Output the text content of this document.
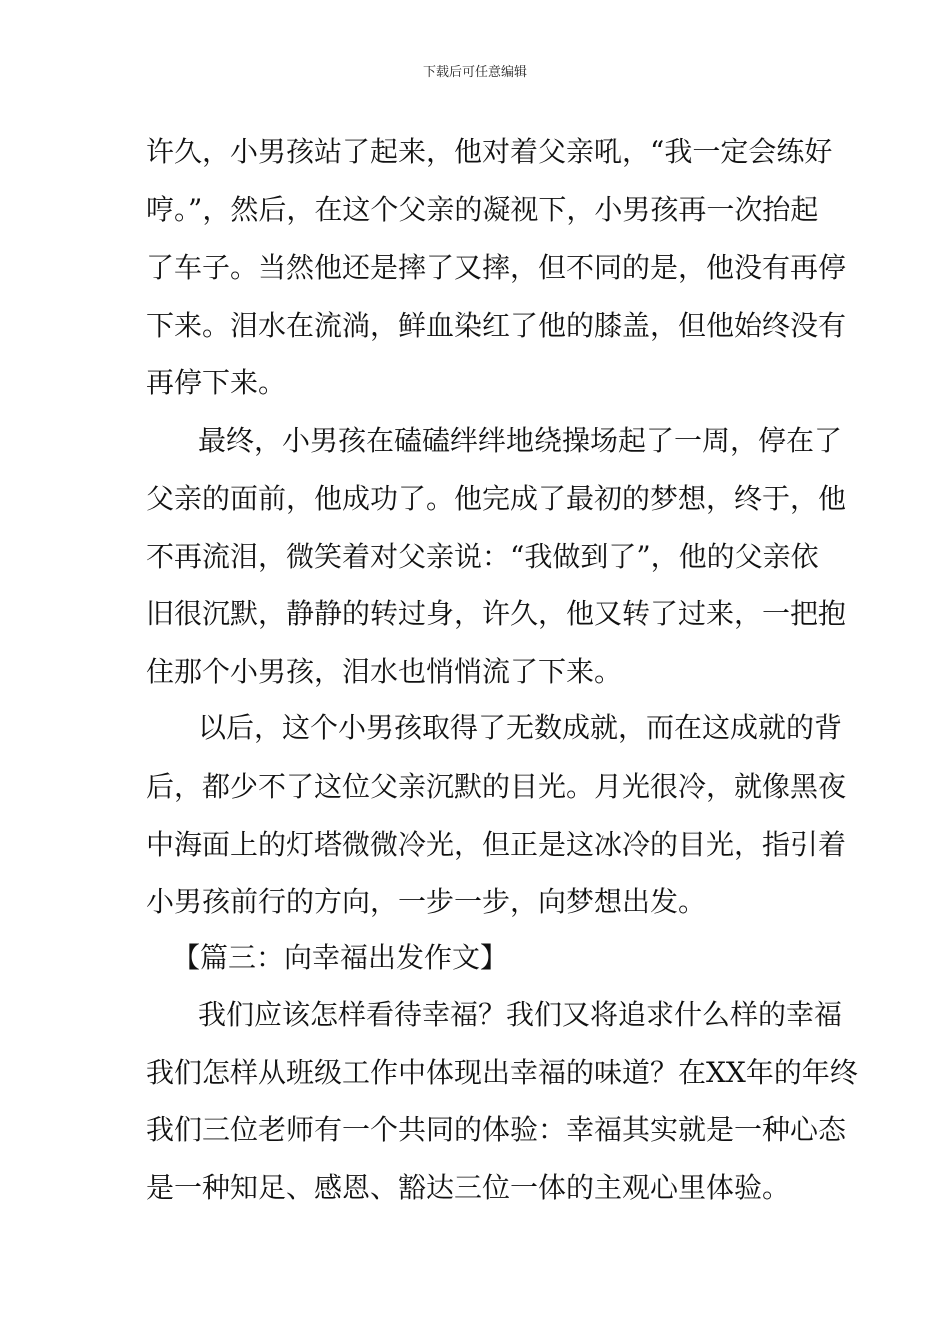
下载后可任意编辑
许久，小男孩站了起来，他对着父亲吼，“我一定会练好
哼。”，然后，在这个父亲的凝视下，小男孩再一次抬起
了车子。当然他还是摔了又摔，但不同的是，他没有再停
下来。泪水在流淌，鲜血染红了他的膝盖，但他始终没有
再停下来。
最终，小男孩在磕磕绊绊地绕操场起了一周，停在了
父亲的面前，他成功了。他完成了最初的梦想，终于，他
不再流泪，微笑着对父亲说：“我做到了”，他的父亲依
旧很沉默，静静的转过身，许久，他又转了过来，一把抱
住那个小男孩，泪水也悄悄流了下来。
以后，这个小男孩取得了无数成就，而在这成就的背
后，都少不了这位父亲沉默的目光。月光很冷，就像黑夜
中海面上的灯塔微微冷光，但正是这冰冷的目光，指引着
小男孩前行的方向，一步一步，向梦想出发。
【篇三：向幸福出发作文】
我们应该怎样看待幸福？我们又将追求什么样的幸福
我们怎样从班级工作中体现出幸福的味道？在XX年的年终
我们三位老师有一个共同的体验：幸福其实就是一种心态
是一种知足、感恩、豁达三位一体的主观心里体验。
